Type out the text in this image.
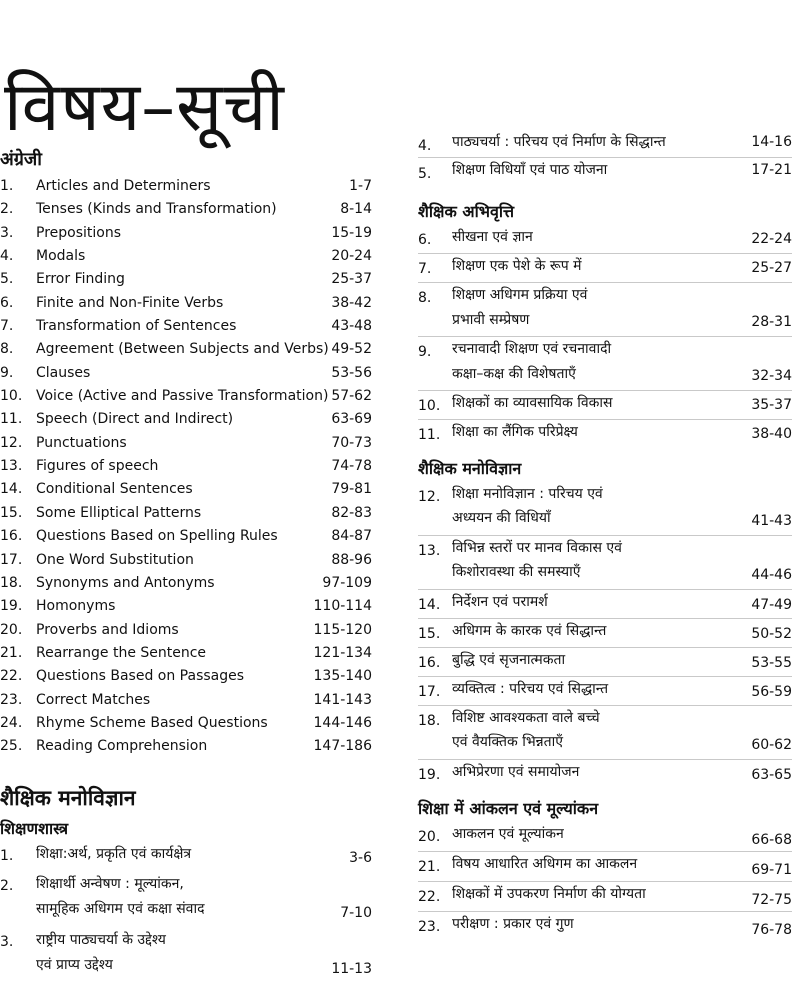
विषय–सूची
अंग्रेजी
1. Articles and Determiners	1-7
2. Tenses (Kinds and Transformation)	8-14
3. Prepositions	15-19
4. Modals	20-24
5. Error Finding	25-37
6. Finite and Non-Finite Verbs	38-42
7. Transformation of Sentences	43-48
8. Agreement (Between Subjects and Verbs) 49-52
9. Clauses	53-56
10. Voice (Active and Passive Transformation) 57-62
11. Speech (Direct and Indirect)	63-69
12. Punctuations	70-73
13. Figures of speech	74-78
14. Conditional Sentences	79-81
15. Some Elliptical Patterns	82-83
16. Questions Based on Spelling Rules	84-87
17. One Word Substitution	88-96
18. Synonyms and Antonyms	97-109
19. Homonyms	110-114
20. Proverbs and Idioms	115-120
21. Rearrange the Sentence	121-134
22. Questions Based on Passages	135-140
23. Correct Matches	141-143
24. Rhyme Scheme Based Questions	144-146
25. Reading Comprehension	147-186
शैक्षिक मनोविज्ञान
शिक्षणशास्त्र
1. शिक्षा:अर्थ, प्रकृति एवं कार्यक्षेत्र	3-6
2. शिक्षार्थी अन्वेषण : मूल्यांकन,
सामूहिक अधिगम एवं कक्षा संवाद	7-10
3. राष्ट्रीय पाठ्यचर्या के उद्देश्य
एवं प्राप्य उद्देश्य	11-13
4. पाठ्यचर्या : परिचय एवं निर्माण के सिद्धान्त	14-16
5. शिक्षण विधियाँ एवं पाठ योजना	17-21
शैक्षिक अभिवृत्ति
6. सीखना एवं ज्ञान	22-24
7. शिक्षण एक पेशे के रूप में	25-27
8. शिक्षण अधिगम प्रक्रिया एवं
प्रभावी सम्प्रेषण	28-31
9. रचनावादी शिक्षण एवं रचनावादी
कक्षा–कक्ष की विशेषताएँ	32-34
10. शिक्षकों का व्यावसायिक विकास	35-37
11. शिक्षा का लैंगिक परिप्रेक्ष्य	38-40
शैक्षिक मनोविज्ञान
12. शिक्षा मनोविज्ञान : परिचय एवं
अध्ययन की विधियाँ	41-43
13. विभिन्न स्तरों पर मानव विकास एवं
किशोरावस्था की समस्याएँ	44-46
14. निर्देशन एवं परामर्श	47-49
15. अधिगम के कारक एवं सिद्धान्त	50-52
16. बुद्धि एवं सृजनात्मकता	53-55
17. व्यक्तित्व : परिचय एवं सिद्धान्त	56-59
18. विशिष्ट आवश्यकता वाले बच्चे
एवं वैयक्तिक भिन्नताएँ	60-62
19. अभिप्रेरणा एवं समायोजन	63-65
शिक्षा में आंकलन एवं मूल्यांकन
20. आकलन एवं मूल्यांकन	66-68
21. विषय आधारित अधिगम का आकलन	69-71
22. शिक्षकों में उपकरण निर्माण की योग्यता	72-75
23. परीक्षण : प्रकार एवं गुण	76-78
